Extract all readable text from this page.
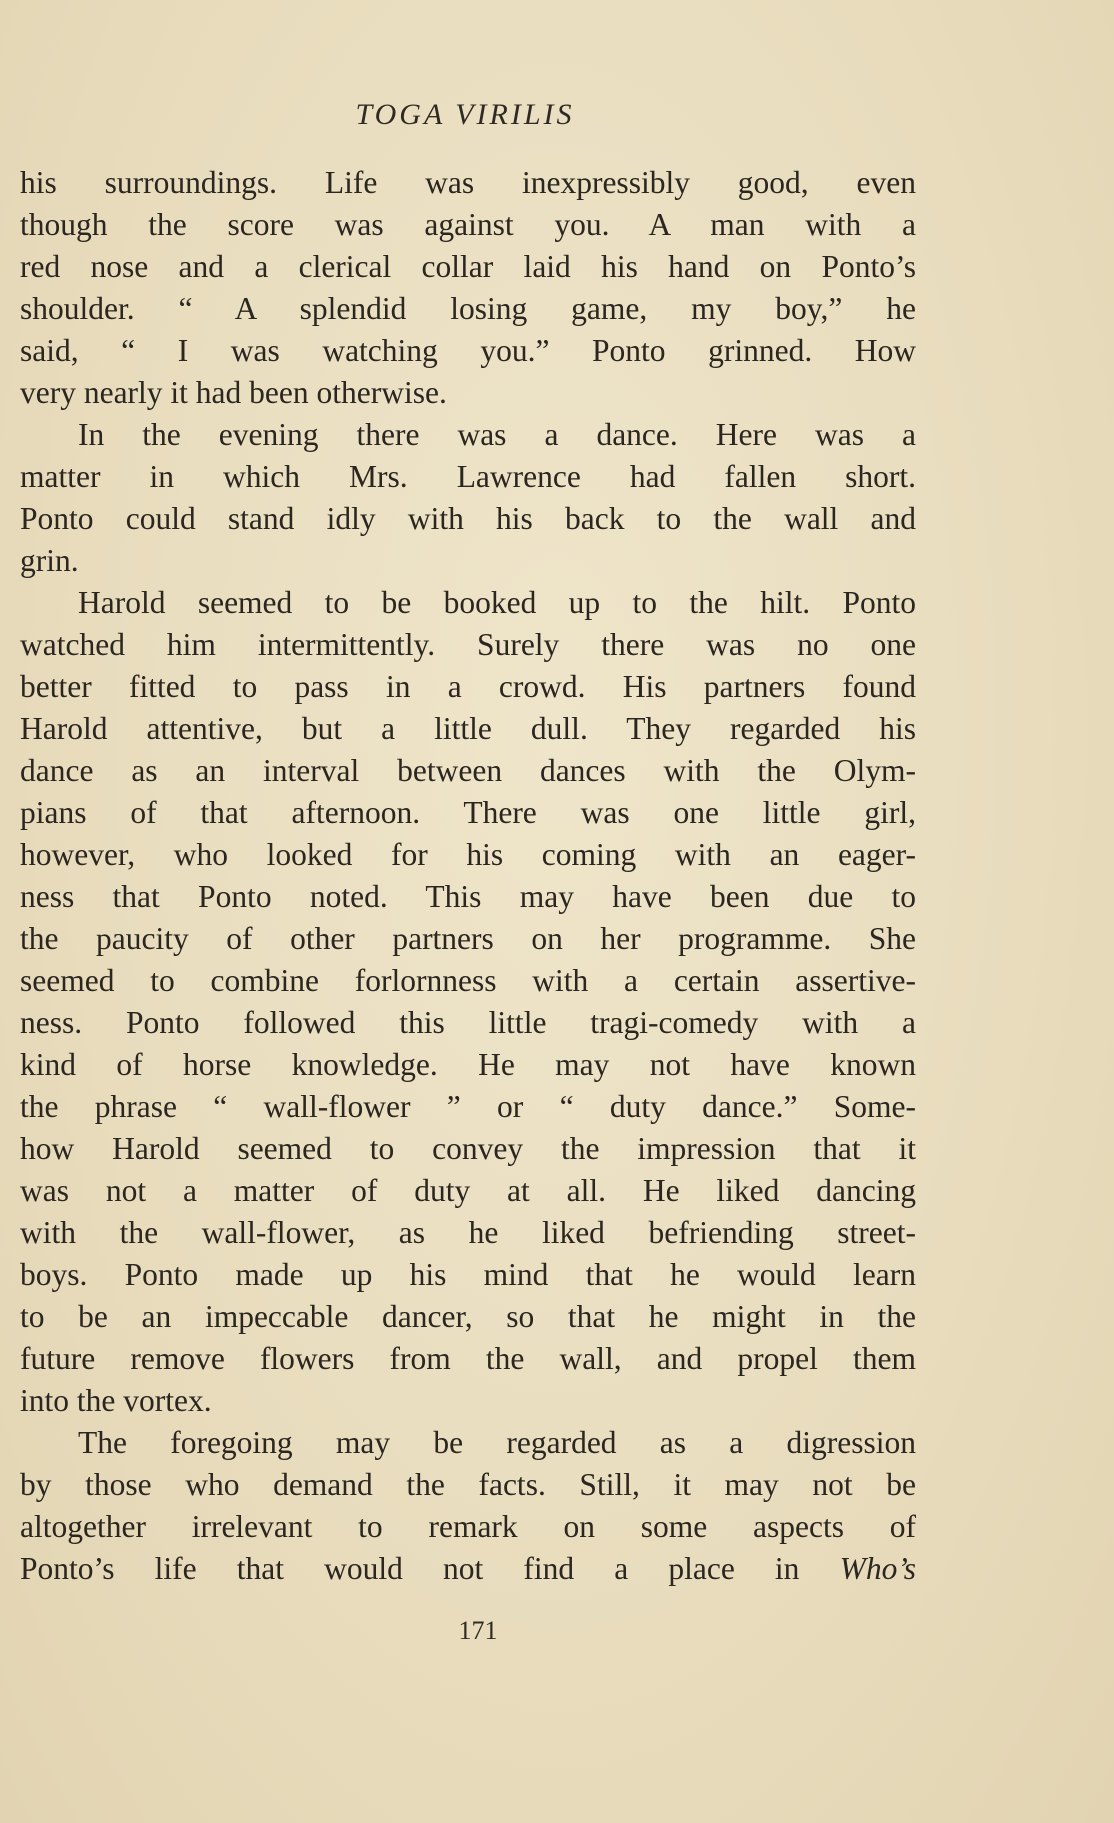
TOGA VIRILIS
his surroundings. Life was inexpressibly good, even
though the score was against you. A man with a
red nose and a clerical collar laid his hand on Ponto’s
shoulder. “ A splendid losing game, my boy,” he
said, “ I was watching you.” Ponto grinned. How
very nearly it had been otherwise.
In the evening there was a dance. Here was a
matter in which Mrs. Lawrence had fallen short.
Ponto could stand idly with his back to the wall and
grin.
Harold seemed to be booked up to the hilt. Ponto
watched him intermittently. Surely there was no one
better fitted to pass in a crowd. His partners found
Harold attentive, but a little dull. They regarded his
dance as an interval between dances with the Olym-
pians of that afternoon. There was one little girl,
however, who looked for his coming with an eager-
ness that Ponto noted. This may have been due to
the paucity of other partners on her programme. She
seemed to combine forlornness with a certain assertive-
ness. Ponto followed this little tragi-comedy with a
kind of horse knowledge. He may not have known
the phrase “ wall-flower ” or “ duty dance.” Some-
how Harold seemed to convey the impression that it
was not a matter of duty at all. He liked dancing
with the wall-flower, as he liked befriending street-
boys. Ponto made up his mind that he would learn
to be an impeccable dancer, so that he might in the
future remove flowers from the wall, and propel them
into the vortex.
The foregoing may be regarded as a digression
by those who demand the facts. Still, it may not be
altogether irrelevant to remark on some aspects of
Ponto’s life that would not find a place in Who’s
171
